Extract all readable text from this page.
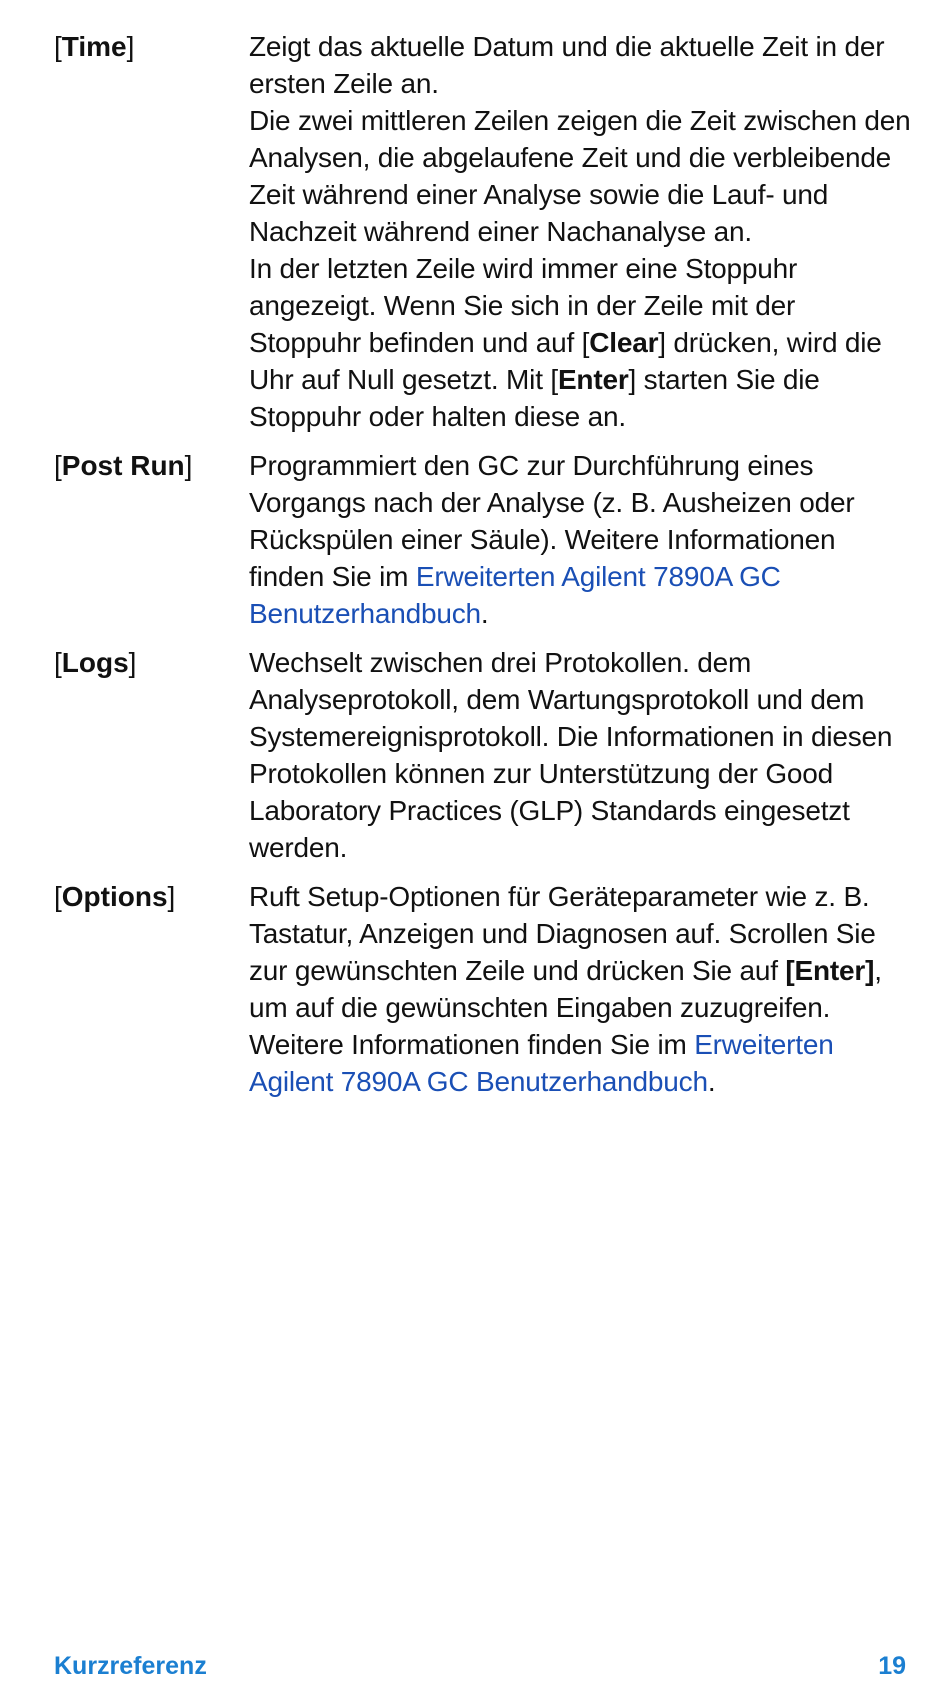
[Time]	Zeigt das aktuelle Datum und die aktuelle Zeit in der ersten Zeile an.

Die zwei mittleren Zeilen zeigen die Zeit zwischen den Analysen, die abgelaufene Zeit und die verbleibende Zeit während einer Analyse sowie die Lauf- und Nachzeit während einer Nachanalyse an.

In der letzten Zeile wird immer eine Stoppuhr angezeigt. Wenn Sie sich in der Zeile mit der Stoppuhr befinden und auf [Clear] drücken, wird die Uhr auf Null gesetzt. Mit [Enter] starten Sie die Stoppuhr oder halten diese an.

[Post Run]	Programmiert den GC zur Durchführung eines Vorgangs nach der Analyse (z. B. Ausheizen oder Rückspülen einer Säule). Weitere Informationen finden Sie im Erweiterten Agilent 7890A GC Benutzerhandbuch.

[Logs]	Wechselt zwischen drei Protokollen. dem Analyseprotokoll, dem Wartungsprotokoll und dem Systemereignisprotokoll. Die Informationen in diesen Protokollen können zur Unterstützung der Good Laboratory Practices (GLP) Standards eingesetzt werden.

[Options]	Ruft Setup-Optionen für Geräteparameter wie z. B. Tastatur, Anzeigen und Diagnosen auf. Scrollen Sie zur gewünschten Zeile und drücken Sie auf [Enter], um auf die gewünschten Eingaben zuzugreifen. Weitere Informationen finden Sie im Erweiterten Agilent 7890A GC Benutzerhandbuch.

Kurzreferenz	19
